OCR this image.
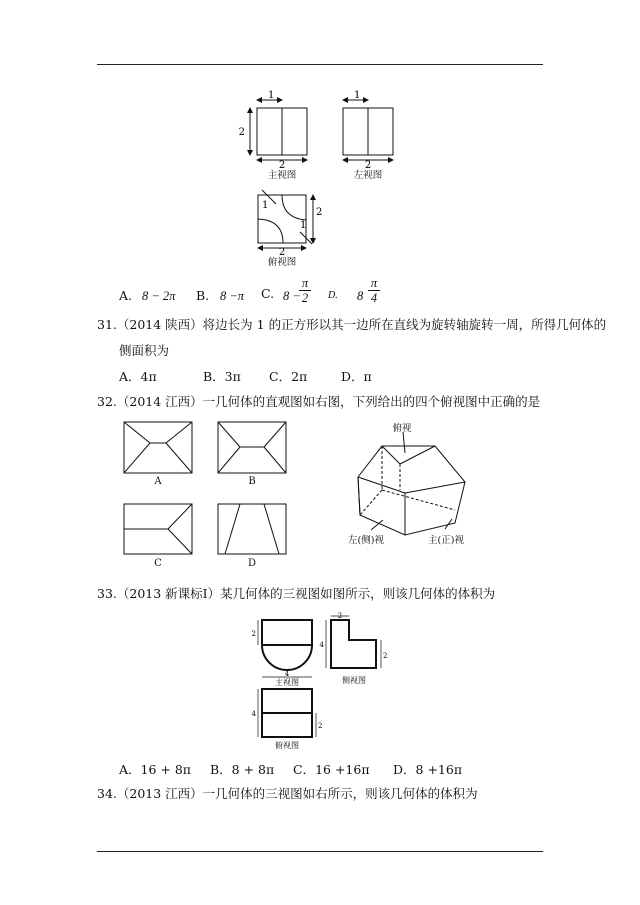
1
2
2
1
2
1
1
2
2
主视图	左视图
俯视图
A. 8 − 2π B. 8 −π C. 8 −
π
2 D. 8
π
4
31.（2014 陕西）将边长为 1 的正方形以其一边所在直线为旋转轴旋转一周，所得几何体的
侧面积为
A．4π	B．3π C．2π	D．π
32.（2014 江西）一几何体的直观图如右图，下列给出的四个俯视图中正确的是
A	B
C	D
俯视
左(侧)视	主(正)视
33.（2013 新课标Ⅰ）某几何体的三视图如图所示，则该几何体的体积为
2
4
2
4
2
4
2
主视图	侧视图
俯视图
A．16 + 8π B．8 + 8π C．16 +16π D．8 +16π
34.（2013 江西）一几何体的三视图如右所示，则该几何体的体积为
